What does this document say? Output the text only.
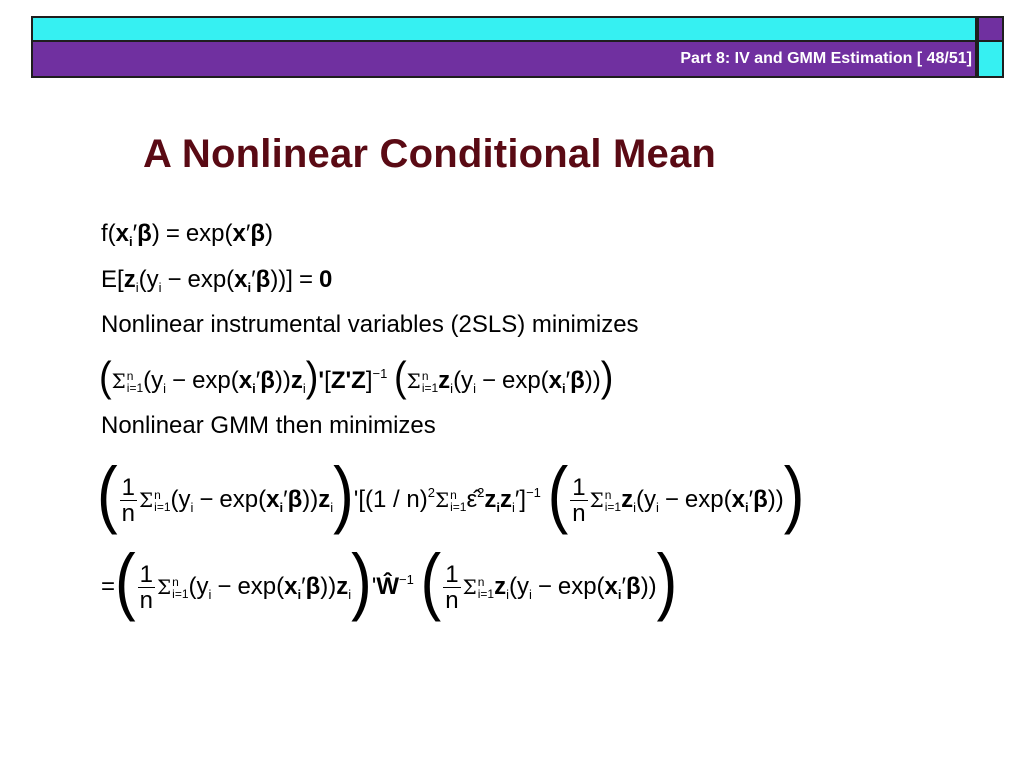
Part 8: IV and GMM Estimation [ 48/51]
A Nonlinear Conditional Mean
$f(x_i'\beta) = \exp(x'\beta)$
$E[z_i(y_i - \exp(x_i'\beta))] = 0$
Nonlinear instrumental variables (2SLS) minimizes
(Σn
$i=1(y_i - \exp(x_i'\beta))z_i)'[Z'Z]^{-1}$ (Σn
$i=1z_i(y_i - \exp(x_i'\beta))$)
Nonlinear GMM then minimizes
( $\frac{1}{n}$ Σn
$i=1(y_i - \exp(x_i'\beta))z_i)'[(1 / n)^2\Sigma n$
$i=1\varepsilon̂^2z_iz_i']^{-1}$ ( $\frac{1}{n}$ Σn
$i=1z_i(y_i - \exp(x_i'\beta))$)
=( $\frac{1}{n}$ Σn
$i=1(y_i$ − $\exp(x_i'\beta))z_i)'Ŵ^{-1}$ ( $\frac{1}{n}$ Σn
$i=1z_i(y_i - \exp(x_i'\beta))$)
